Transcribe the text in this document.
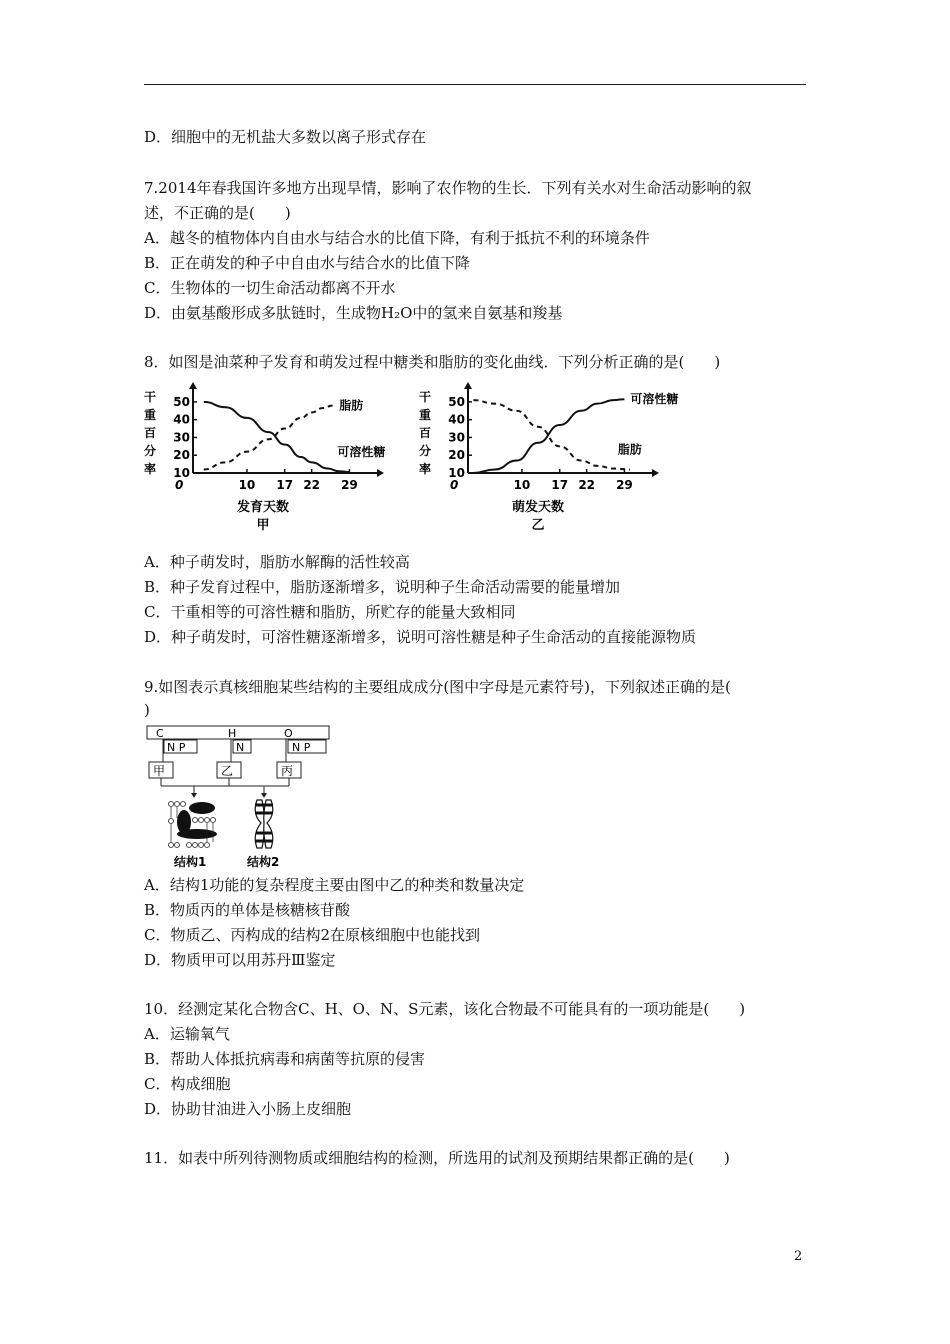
D．细胞中的无机盐大多数以离子形式存在
7.2014年春我国许多地方出现旱情，影响了农作物的生长．下列有关水对生命活动影响的叙
述，不正确的是(　　)
A．越冬的植物体内自由水与结合水的比值下降，有利于抵抗不利的环境条件
B．正在萌发的种子中自由水与结合水的比值下降
C．生物体的一切生命活动都离不开水
D．由氨基酸形成多肽链时，生成物H₂O中的氢来自氨基和羧基
8．如图是油菜种子发育和萌发过程中糖类和脂肪的变化曲线．下列分析正确的是(　　)
干
重
百
分
率 10
20
30
40
50
0	10 17 22 29
发育天数
甲
脂肪
可溶性糖
干
重
百
分
率 10
20
30
40
50
0	10 17 22 29
萌发天数
乙
可溶性糖
脂肪
A．种子萌发时，脂肪水解酶的活性较高
B．种子发育过程中，脂肪逐渐增多，说明种子生命活动需要的能量增加
C．干重相等的可溶性糖和脂肪，所贮存的能量大致相同
D．种子萌发时，可溶性糖逐渐增多，说明可溶性糖是种子生命活动的直接能源物质
9.如图表示真核细胞某些结构的主要组成成分(图中字母是元素符号)，下列叙述正确的是(
)
C	H	O
N P	N	N P
甲	乙	丙
结构1	结构2
A．结构1功能的复杂程度主要由图中乙的种类和数量决定
B．物质丙的单体是核糖核苷酸
C．物质乙、丙构成的结构2在原核细胞中也能找到
D．物质甲可以用苏丹Ⅲ鉴定
10．经测定某化合物含C、H、O、N、S元素，该化合物最不可能具有的一项功能是(　　)
A．运输氧气
B．帮助人体抵抗病毒和病菌等抗原的侵害
C．构成细胞
D．协助甘油进入小肠上皮细胞
11．如表中所列待测物质或细胞结构的检测，所选用的试剂及预期结果都正确的是(　　)
2
